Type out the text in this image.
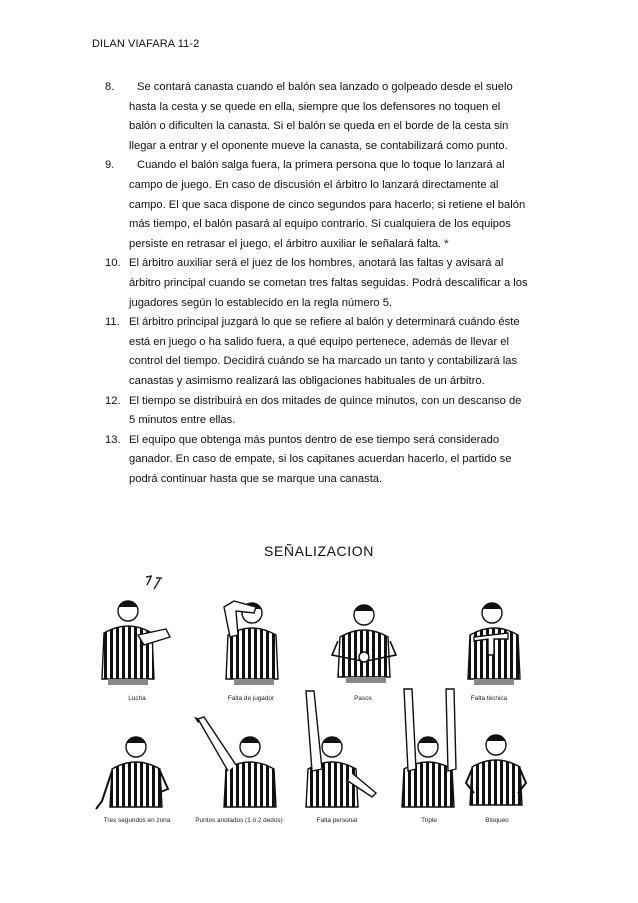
DILAN VIAFARA 11-2
8.	Se contará canasta cuando el balón sea lanzado o golpeado desde el suelo
hasta la cesta y se quede en ella, siempre que los defensores no toquen el
balón o dificulten la canasta. Si el balón se queda en el borde de la cesta sin
llegar a entrar y el oponente mueve la canasta, se contabilizará como punto.
9.	Cuando el balón salga fuera, la primera persona que lo toque lo lanzará al
campo de juego. En caso de discusión el árbitro lo lanzará directamente al
campo. El que saca dispone de cinco segundos para hacerlo; si retiene el balón
más tiempo, el balón pasará al equipo contrario. Si cualquiera de los equipos
persiste en retrasar el juego, el árbitro auxiliar le señalará falta. *
10. El árbitro auxiliar será el juez de los hombres, anotará las faltas y avisará al
árbitro principal cuando se cometan tres faltas seguidas. Podrá descalificar a los
jugadores según lo establecido en la regla número 5.
11. El árbitro principal juzgará lo que se refiere al balón y determinará cuándo éste
está en juego o ha salido fuera, a qué equipo pertenece, además de llevar el
control del tiempo. Decidirá cuándo se ha marcado un tanto y contabilizará las
canastas y asimismo realizará las obligaciones habituales de un árbitro.
12. El tiempo se distribuirá en dos mitades de quince minutos, con un descanso de
5 minutos entre ellas.
13. El equipo que obtenga más puntos dentro de ese tiempo será considerado
ganador. En caso de empate, si los capitanes acuerdan hacerlo, el partido se
podrá continuar hasta que se marque una canasta.
SEÑALIZACION
Lucha	Falta de jugador	Pasos	Falta técnica
Tres segundos en zona	Puntos anotados (1 ó 2 dedos)	Falta personal	Triple	Bloqueo
